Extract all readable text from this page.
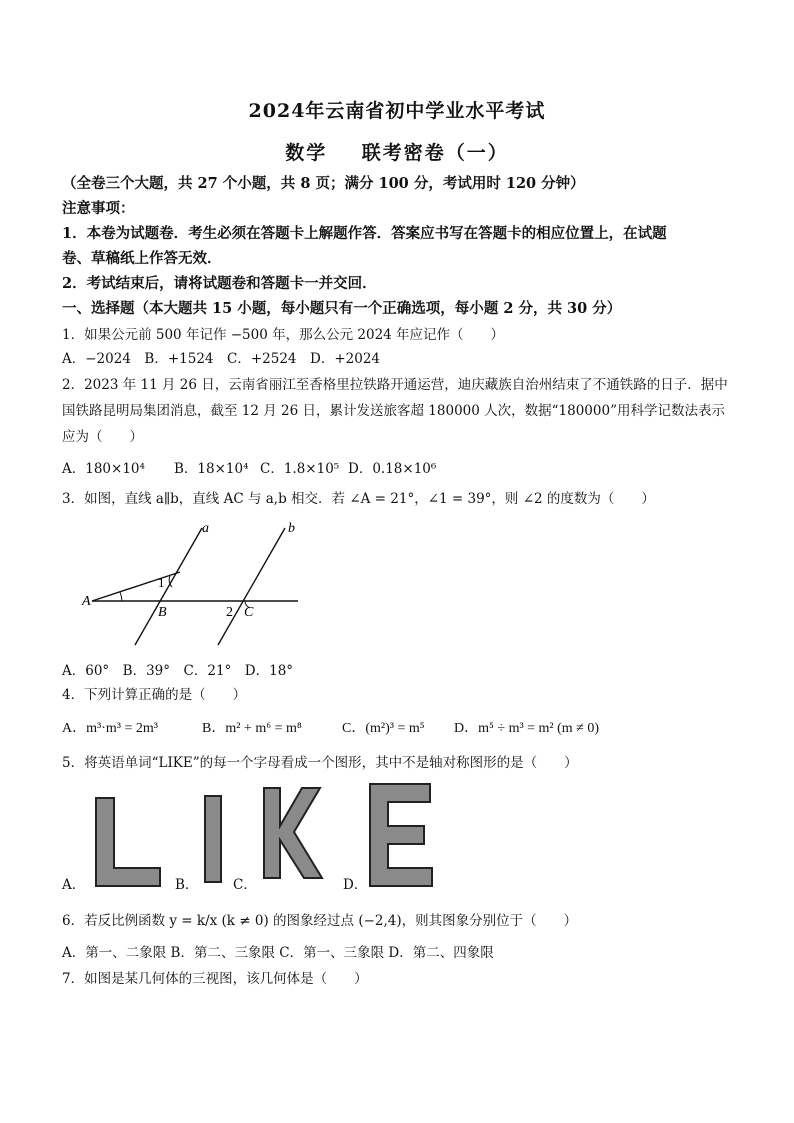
2024年云南省初中学业水平考试
数学    联考密卷（一）
（全卷三个大题，共 27 个小题，共 8 页；满分 100 分，考试用时 120 分钟）
注意事项：
1．本卷为试题卷．考生必须在答题卡上解题作答．答案应书写在答题卡的相应位置上，在试题
卷、草稿纸上作答无效．
2．考试结束后，请将试题卷和答题卡一并交回．
一、选择题（本大题共 15 小题，每小题只有一个正确选项，每小题 2 分，共 30 分）
1．如果公元前 500 年记作 −500 年，那么公元 2024 年应记作（　　）
A．−2024　B．+1524　C．+2524　D．+2024
2．2023 年 11 月 26 日，云南省丽江至香格里拉铁路开通运营，迪庆藏族自治州结束了不通铁路的日子．据中
国铁路昆明局集团消息，截至 12 月 26 日，累计发送旅客超 180000 人次，数据“180000”用科学记数法表示
应为（　　）
A．180×10⁴ B．18×10⁴ C．1.8×10⁵ D．0.18×10⁶
3．如图，直线 a∥b，直线 AC 与 a,b 相交．若 ∠A = 21°，∠1 = 39°，则 ∠2 的度数为（　　）
a	b
A
B	C
1
2
A．60°　B．39°　C．21°　D．18°
4．下列计算正确的是（　　）
A．m³·m³ = 2m³	B．m² + m⁶ = m⁸	C．(m²)³ = m⁵ D．m⁵ ÷ m³ = m² (m ≠ 0)
5．将英语单词“LIKE”的每一个字母看成一个图形，其中不是轴对称图形的是（　　）
A．	B．	C．	D．
6．若反比例函数 y = k/x (k ≠ 0) 的图象经过点 (−2,4)，则其图象分别位于（　　）
A．第一、二象限 B．第二、三象限 C．第一、三象限 D．第二、四象限
7．如图是某几何体的三视图，该几何体是（　　）
